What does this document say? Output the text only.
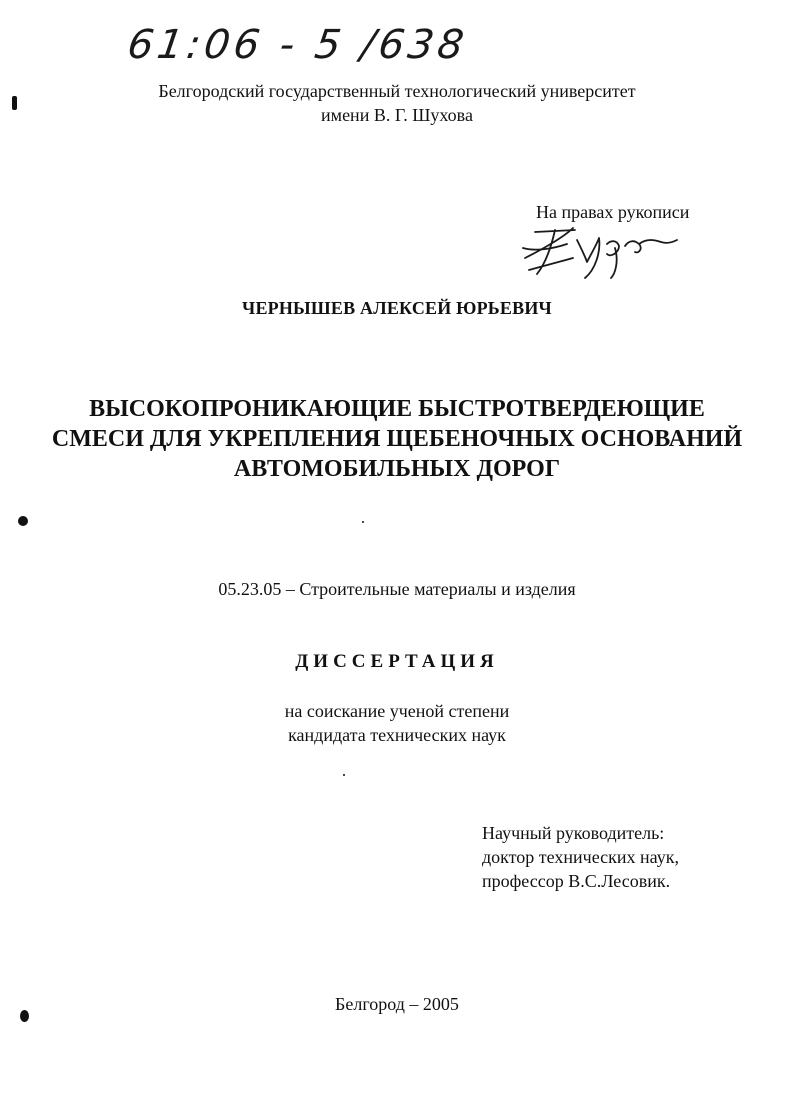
61:06 - 5 /638
Белгородский государственный технологический университет
имени В. Г. Шухова
На правах рукописи
ЧЕРНЫШЕВ АЛЕКСЕЙ ЮРЬЕВИЧ
ВЫСОКОПРОНИКАЮЩИЕ БЫСТРОТВЕРДЕЮЩИЕ
СМЕСИ ДЛЯ УКРЕПЛЕНИЯ ЩЕБЕНОЧНЫХ ОСНОВАНИЙ
АВТОМОБИЛЬНЫХ ДОРОГ
05.23.05 – Строительные материалы и изделия
ДИССЕРТАЦИЯ
на соискание ученой степени
кандидата технических наук
Научный руководитель:
доктор технических наук,
профессор В.С.Лесовик.
Белгород – 2005
